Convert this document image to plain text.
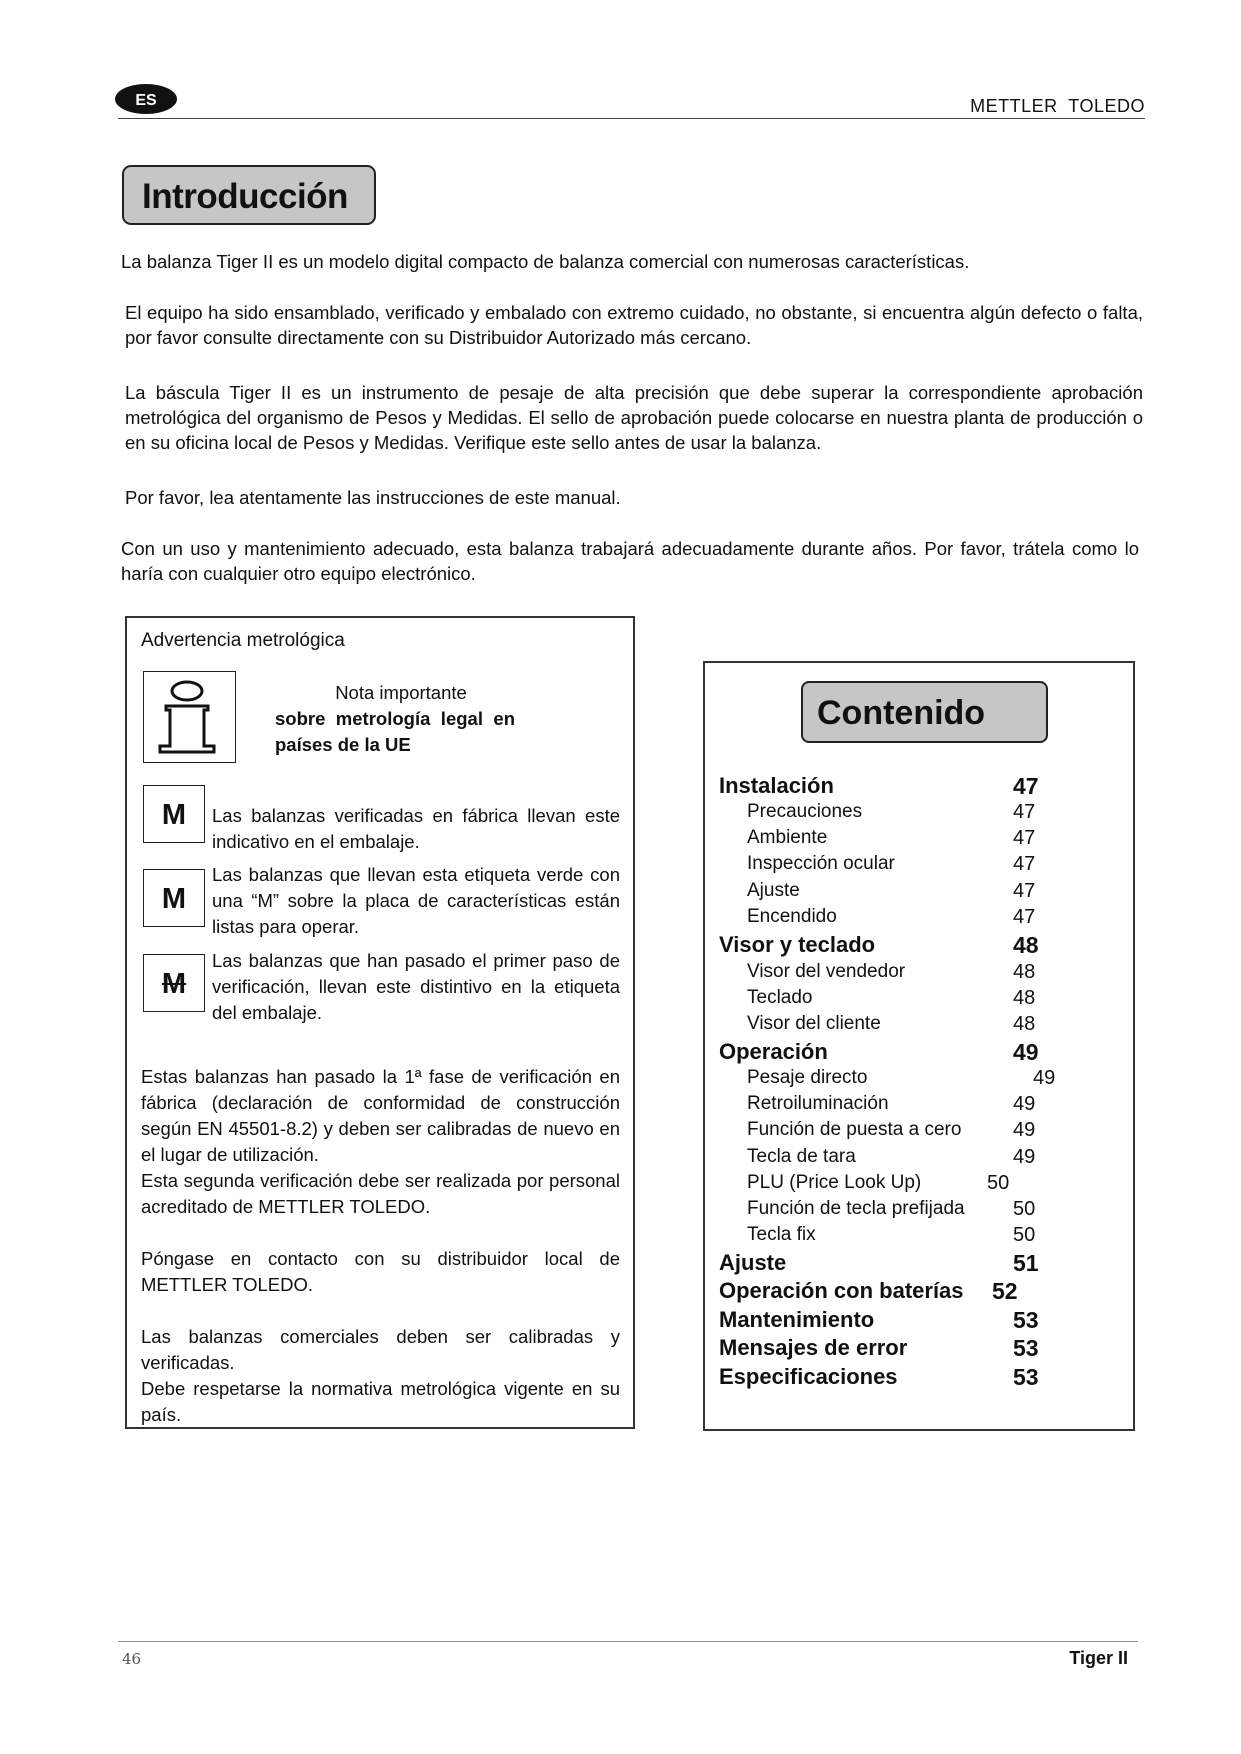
ES	METTLER  TOLEDO
Introducción
La balanza Tiger II es un modelo digital compacto de balanza comercial con numerosas características.
El equipo ha sido ensamblado, verificado y embalado con extremo cuidado, no obstante, si encuentra algún defecto o falta, por favor consulte directamente con su Distribuidor Autorizado más cercano.
La báscula Tiger II es un instrumento de pesaje de alta precisión que debe superar la correspondiente aprobación metrológica del organismo de Pesos y Medidas. El sello de aprobación puede colocarse en nuestra planta de producción o en su oficina local de Pesos y Medidas. Verifique este sello antes de usar la balanza.
Por favor, lea atentamente las instrucciones de este manual.
Con un uso y mantenimiento adecuado, esta balanza trabajará adecuadamente durante años. Por favor, trátela como lo haría con cualquier otro equipo electrónico.
Advertencia metrológica
Nota importante
sobre metrología legal en países de la UE
M	Las balanzas verificadas en fábrica llevan este indicativo en el embalaje.
M
Las balanzas que llevan esta etiqueta verde con una “M” sobre la placa de características están listas para operar.
M
Las balanzas que han pasado el primer paso de verificación, llevan este distintivo en la etiqueta del embalaje.
Estas balanzas han pasado la 1ª fase de verificación en fábrica (declaración de conformidad de construcción según EN 45501-8.2) y deben ser calibradas de nuevo en el lugar de utilización.
Esta segunda verificación debe ser realizada por personal acreditado de METTLER TOLEDO.
Póngase en contacto con su distribuidor local de METTLER TOLEDO.
Las balanzas comerciales deben ser calibradas y verificadas.
Debe respetarse la normativa metrológica vigente en su país.
Contenido
Instalación	47
Precauciones	47
Ambiente	47
Inspección ocular	47
Ajuste	47
Encendido	47
Visor y teclado	48
Visor del vendedor	48
Teclado	48
Visor del cliente	48
Operación	49
Pesaje directo	49
Retroiluminación	49
Función de puesta a cero	49
Tecla de tara	49
PLU (Price Look Up)	50
Función de tecla prefijada 50
Tecla fix	50
Ajuste	51
Operación con baterías 52
Mantenimiento	53
Mensajes de error	53
Especificaciones	53
46	Tiger II
